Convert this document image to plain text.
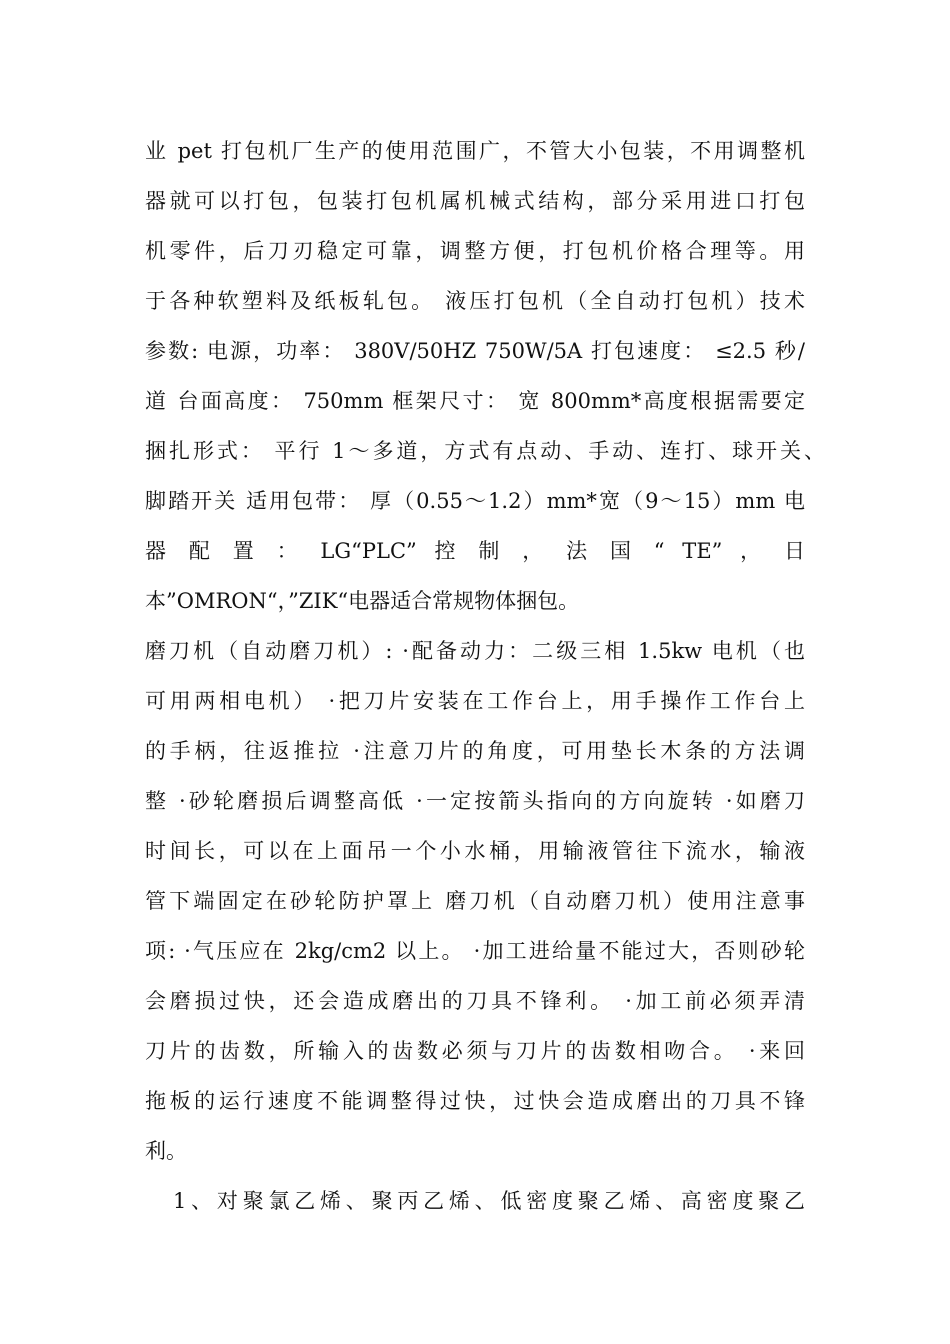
业 pet 打包机厂生产的使用范围广，不管大小包装，不用调整机
器就可以打包，包装打包机属机械式结构，部分采用进口打包
机零件，后刀刃稳定可靠，调整方便，打包机价格合理等。用
于各种软塑料及纸板轧包。 液压打包机（全自动打包机）技术
参数: 电源，功率： 380V/50HZ 750W/5A 打包速度： ≤2.5 秒/
道 台面高度： 750mm 框架尺寸： 宽 800mm*高度根据需要定
捆扎形式： 平行 1～多道，方式有点动、手动、连打、球开关、
脚踏开关 适用包带： 厚（0.55～1.2）mm*宽（9～15）mm 电
器 配 置 ： LG“PLC” 控 制 ， 法 国 “ TE” ， 日
本”OMRON“，”ZIK“电器适合常规物体捆包。
磨刀机（自动磨刀机）: ·配备动力：二级三相 1.5kw 电机（也
可用两相电机） ·把刀片安装在工作台上，用手操作工作台上
的手柄，往返推拉 ·注意刀片的角度，可用垫长木条的方法调
整 ·砂轮磨损后调整高低 ·一定按箭头指向的方向旋转 ·如磨刀
时间长，可以在上面吊一个小水桶，用输液管往下流水，输液
管下端固定在砂轮防护罩上 磨刀机（自动磨刀机）使用注意事
项: ·气压应在 2kg/cm2 以上。 ·加工进给量不能过大，否则砂轮
会磨损过快，还会造成磨出的刀具不锋利。 ·加工前必须弄清
刀片的齿数，所输入的齿数必须与刀片的齿数相吻合。 ·来回
拖板的运行速度不能调整得过快，过快会造成磨出的刀具不锋
利。
1、对聚氯乙烯、聚丙乙烯、低密度聚乙烯、高密度聚乙
